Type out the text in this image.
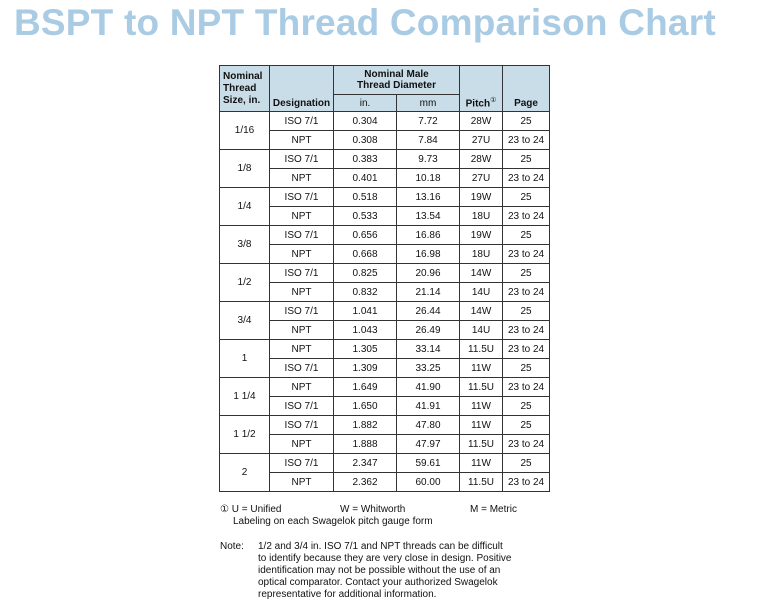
BSPT to NPT Thread Comparison Chart
Nominal
Thread
Size, in.	Designation	Nominal Male
Thread Diameter		Pitch①	Page
		in.	mm		
1/16	ISO 7/1	0.304	7.72	28W	25
	NPT	0.308	7.84	27U	23 to 24
1/8	ISO 7/1	0.383	9.73	28W	25
	NPT	0.401	10.18	27U	23 to 24
1/4	ISO 7/1	0.518	13.16	19W	25
	NPT	0.533	13.54	18U	23 to 24
3/8	ISO 7/1	0.656	16.86	19W	25
	NPT	0.668	16.98	18U	23 to 24
1/2	ISO 7/1	0.825	20.96	14W	25
	NPT	0.832	21.14	14U	23 to 24
3/4	ISO 7/1	1.041	26.44	14W	25
	NPT	1.043	26.49	14U	23 to 24
1	NPT	1.305	33.14	11.5U	23 to 24
	ISO 7/1	1.309	33.25	11W	25
1 1/4	NPT	1.649	41.90	11.5U	23 to 24
	ISO 7/1	1.650	41.91	11W	25
1 1/2	ISO 7/1	1.882	47.80	11W	25
	NPT	1.888	47.97	11.5U	23 to 24
2	ISO 7/1	2.347	59.61	11W	25
	NPT	2.362	60.00	11.5U	23 to 24
① U = Unified	W = Whitworth	M = Metric
Labeling on each Swagelok pitch gauge form
Note:	1/2 and 3/4 in. ISO 7/1 and NPT threads can be difficult
to identify because they are very close in design. Positive
identification may not be possible without the use of an
optical comparator. Contact your authorized Swagelok
representative for additional information.
